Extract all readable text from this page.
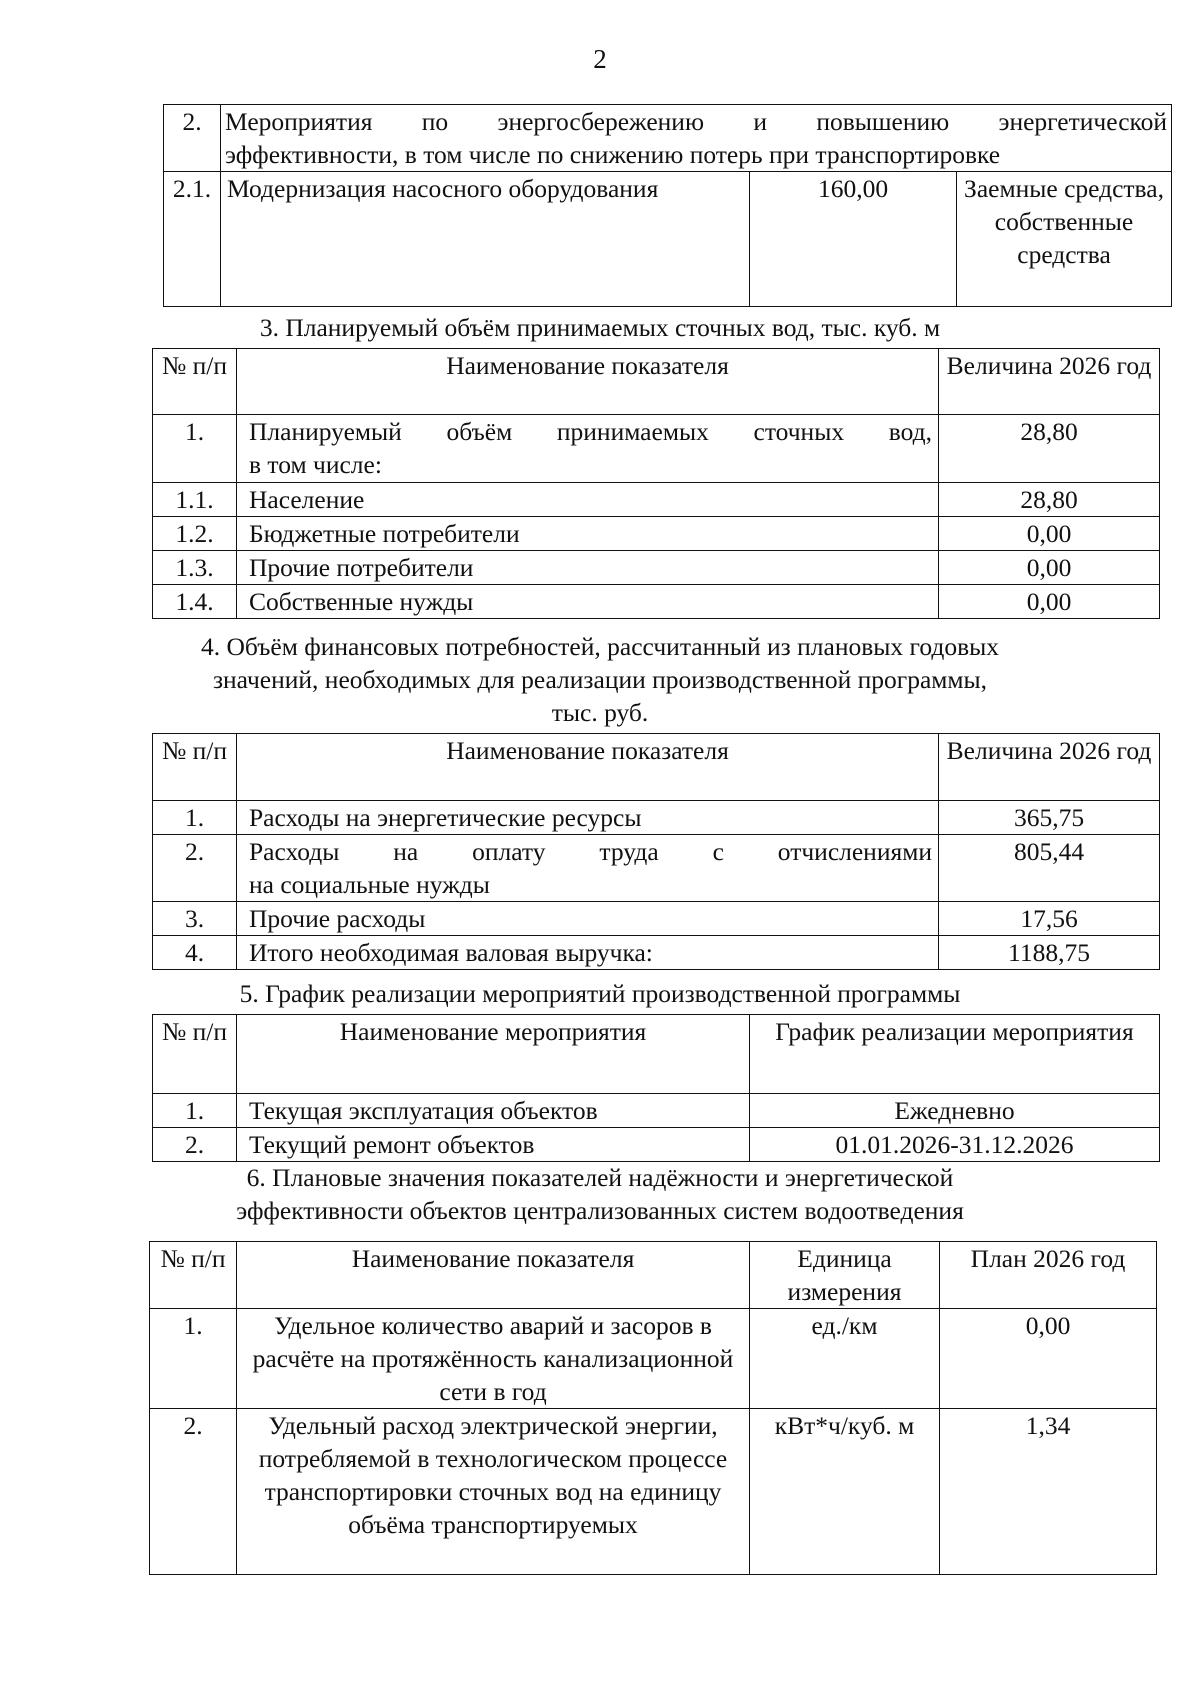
2
2.	Мероприятия по энергосбережению и повышению энергетической
эффективности, в том числе по снижению потерь при транспортировке		

2.1.	Модернизация насосного оборудования	160,00	Заемные средства, собственные средства
3. Планируемый объём принимаемых сточных вод, тыс. куб. м
№ п/п	Наименование показателя	Величина 2026 год
1.	Планируемый объём принимаемых сточных вод,
в том числе:	28,80
1.1.	Население	28,80
1.2.	Бюджетные потребители	0,00
1.3.	Прочие потребители	0,00
1.4.	Собственные нужды	0,00
4. Объём финансовых потребностей, рассчитанный из плановых годовых
значений, необходимых для реализации производственной программы,
тыс. руб.
№ п/п	Наименование показателя	Величина 2026 год
1.	Расходы на энергетические ресурсы	365,75
2.	Расходы на оплату труда с отчислениями
на социальные нужды	805,44
3.	Прочие расходы	17,56
4.	Итого необходимая валовая выручка:	1188,75
5. График реализации мероприятий производственной программы
№ п/п	Наименование мероприятия	График реализации мероприятия
1.	Текущая эксплуатация объектов	Ежедневно
2.	Текущий ремонт объектов	01.01.2026-31.12.2026
6. Плановые значения показателей надёжности и энергетической
эффективности объектов централизованных систем водоотведения
№ п/п	Наименование показателя	Единица измерения	План 2026 год
1.	Удельное количество аварий и засоров в расчёте на протяжённость канализационной сети в год	ед./км	0,00
2.	Удельный расход электрической энергии, потребляемой в технологическом процессе транспортировки сточных вод на единицу объёма транспортируемых	кВт*ч/куб. м	1,34
